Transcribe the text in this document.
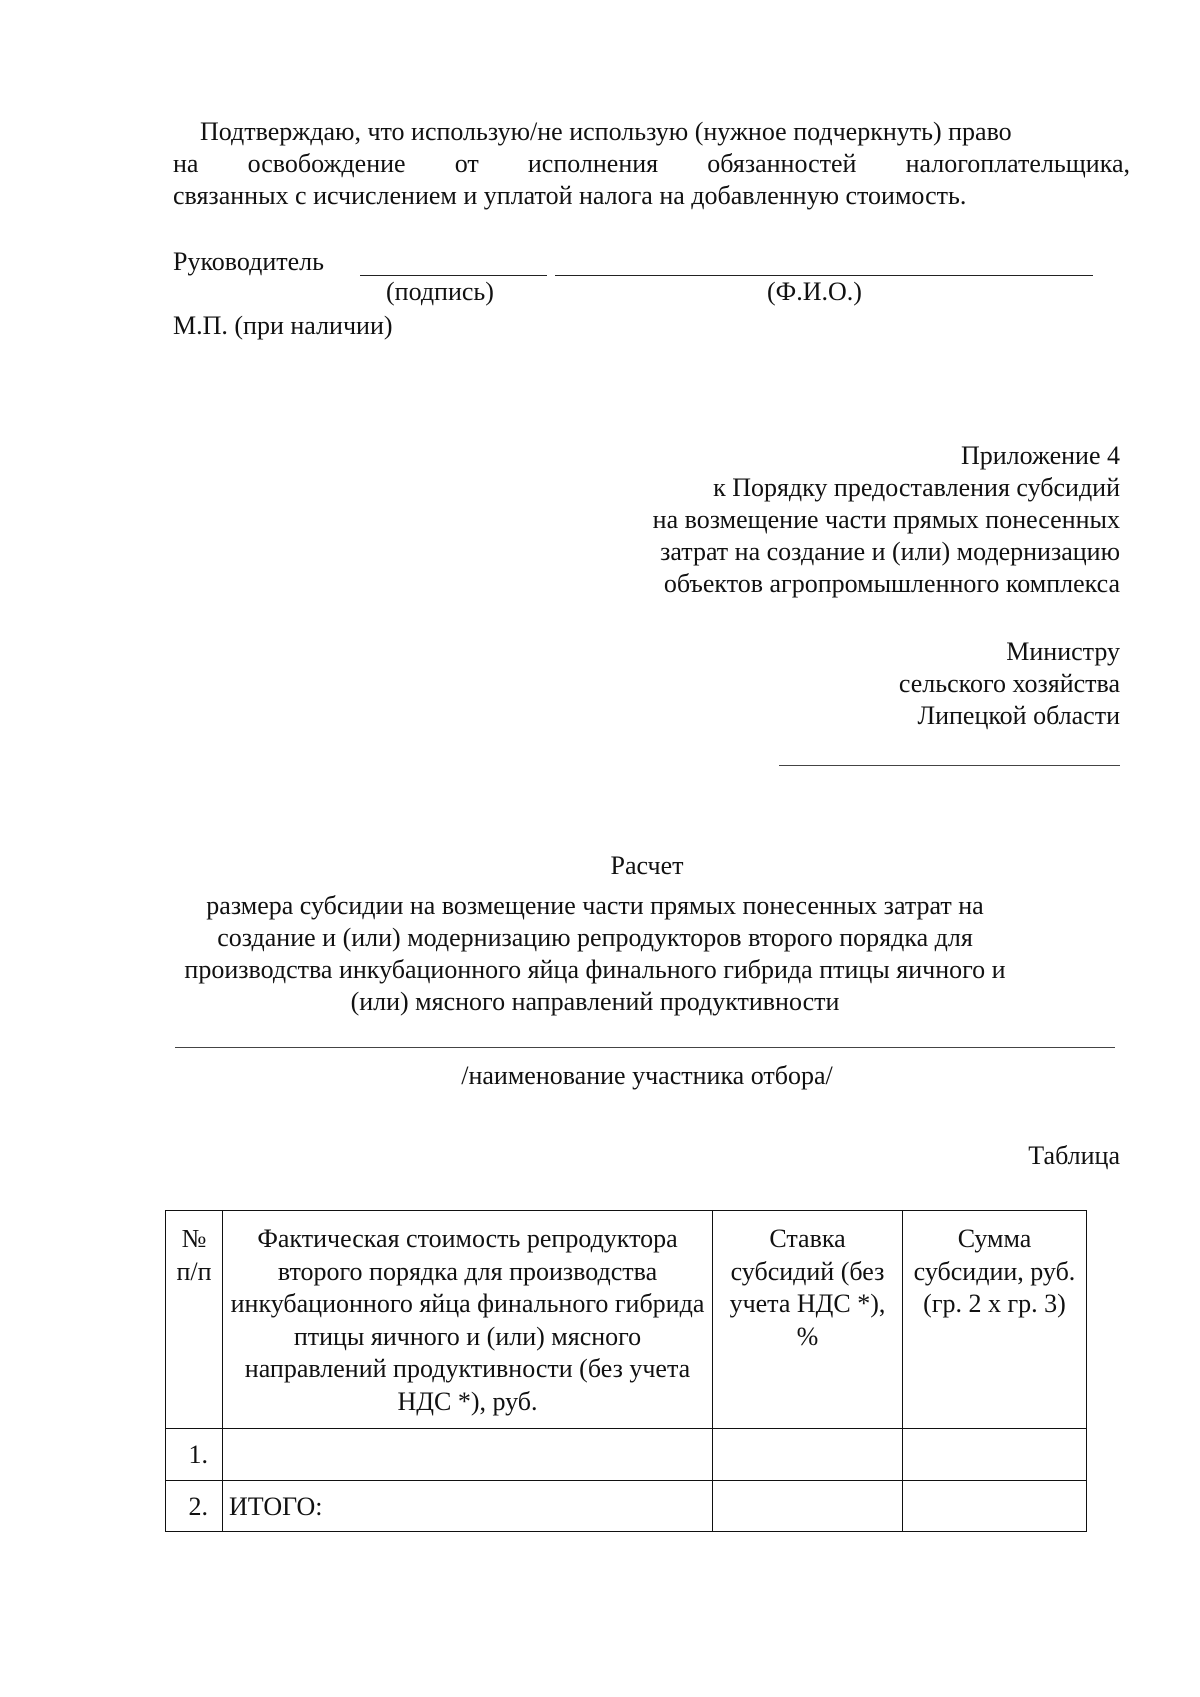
Подтверждаю, что использую/не использую (нужное подчеркнуть) право
на освобождение от исполнения обязанностей налогоплательщика,
связанных с исчислением и уплатой налога на добавленную стоимость.
Руководитель
(подпись)	(Ф.И.О.)
М.П. (при наличии)
Приложение 4
к Порядку предоставления субсидий
на возмещение части прямых понесенных
затрат на создание и (или) модернизацию
объектов агропромышленного комплекса
Министру
сельского хозяйства
Липецкой области
Расчет
размера субсидии на возмещение части прямых понесенных затрат на
создание и (или) модернизацию репродукторов второго порядка для
производства инкубационного яйца финального гибрида птицы яичного и
(или) мясного направлений продуктивности
/наименование участника отбора/
Таблица
№ п/п	Фактическая стоимость репродуктора второго порядка для производства инкубационного яйца финального гибрида птицы яичного и (или) мясного направлений продуктивности (без учета НДС *), руб.	Ставка субсидий (без учета НДС *), %	Сумма субсидии, руб. (гр. 2 х гр. 3)
1.			
2.	ИТОГО:		
